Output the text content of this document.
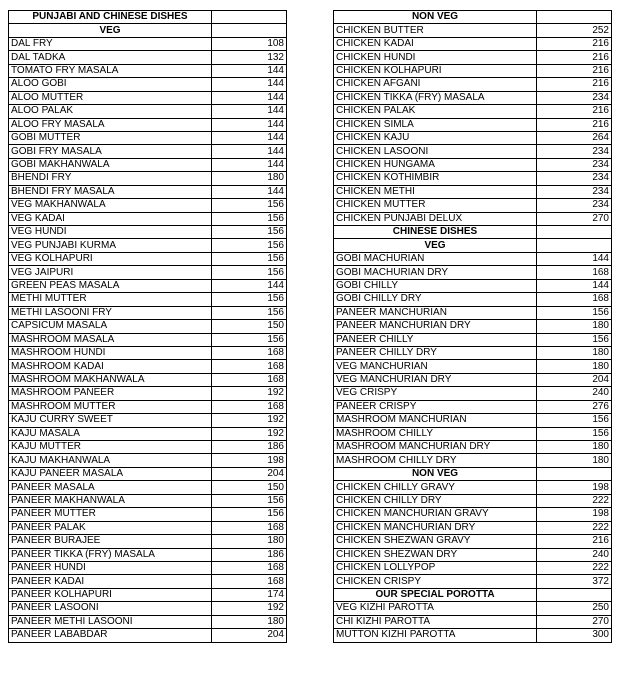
PUNJABI AND CHINESE DISHES	
VEG	
DAL FRY	108
DAL TADKA	132
TOMATO FRY MASALA	144
ALOO GOBI	144
ALOO MUTTER	144
ALOO PALAK	144
ALOO FRY MASALA	144
GOBI MUTTER	144
GOBI FRY MASALA	144
GOBI MAKHANWALA	144
BHENDI FRY	180
BHENDI FRY MASALA	144
VEG MAKHANWALA	156
VEG KADAI	156
VEG HUNDI	156
VEG PUNJABI KURMA	156
VEG KOLHAPURI	156
VEG JAIPURI	156
GREEN PEAS MASALA	144
METHI MUTTER	156
METHI LASOONI FRY	156
CAPSICUM MASALA	150
MASHROOM MASALA	156
MASHROOM HUNDI	168
MASHROOM KADAI	168
MASHROOM MAKHANWALA	168
MASHROOM PANEER	192
MASHROOM MUTTER	168
KAJU CURRY SWEET	192
KAJU MASALA	192
KAJU MUTTER	186
KAJU MAKHANWALA	198
KAJU PANEER MASALA	204
PANEER MASALA	150
PANEER MAKHANWALA	156
PANEER MUTTER	156
PANEER PALAK	168
PANEER BURAJEE	180
PANEER TIKKA (FRY) MASALA	186
PANEER HUNDI	168
PANEER KADAI	168
PANEER KOLHAPURI	174
PANEER LASOONI	192
PANEER METHI LASOONI	180
PANEER LABABDAR	204
NON VEG	
CHICKEN BUTTER	252
CHICKEN KADAI	216
CHICKEN HUNDI	216
CHICKEN KOLHAPURI	216
CHICKEN AFGANI	216
CHICKEN TIKKA (FRY) MASALA	234
CHICKEN PALAK	216
CHICKEN SIMLA	216
CHICKEN KAJU	264
CHICKEN LASOONI	234
CHICKEN HUNGAMA	234
CHICKEN KOTHIMBIR	234
CHICKEN METHI	234
CHICKEN MUTTER	234
CHICKEN PUNJABI DELUX	270
CHINESE DISHES	
VEG	
GOBI MACHURIAN	144
GOBI MACHURIAN DRY	168
GOBI CHILLY	144
GOBI CHILLY DRY	168
PANEER MANCHURIAN	156
PANEER MANCHURIAN DRY	180
PANEER CHILLY	156
PANEER CHILLY DRY	180
VEG MANCHURIAN	180
VEG MANCHURIAN DRY	204
VEG CRISPY	240
PANEER CRISPY	276
MASHROOM MANCHURIAN	156
MASHROOM CHILLY	156
MASHROOM MANCHURIAN DRY	180
MASHROOM CHILLY DRY	180
NON VEG	
CHICKEN CHILLY GRAVY	198
CHICKEN CHILLY DRY	222
CHICKEN MANCHURIAN GRAVY	198
CHICKEN MANCHURIAN DRY	222
CHICKEN SHEZWAN GRAVY	216
CHICKEN SHEZWAN DRY	240
CHICKEN LOLLYPOP	222
CHICKEN CRISPY	372
OUR SPECIAL POROTTA	
VEG KIZHI PAROTTA	250
CHI KIZHI PAROTTA	270
MUTTON KIZHI PAROTTA	300
